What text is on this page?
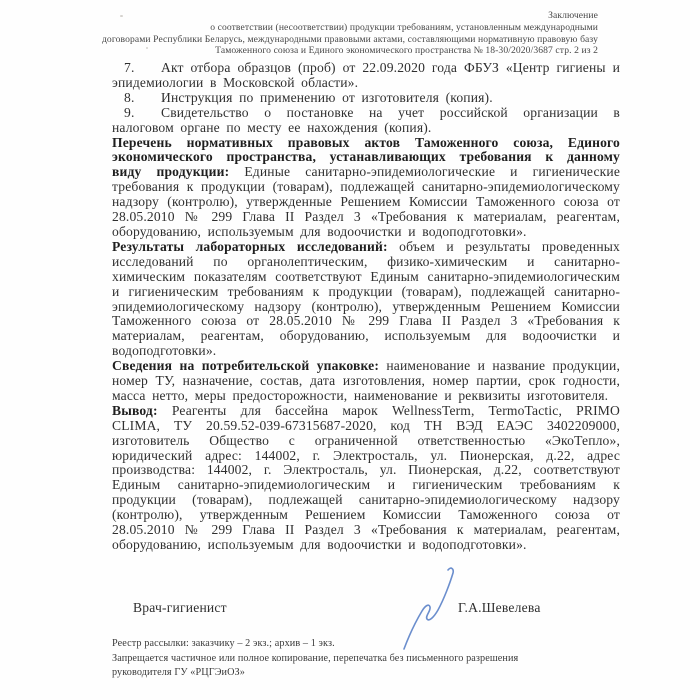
Заключение
о соответствии (несоответствии) продукции требованиям, установленным международными
договорами Республики Беларусь, международными правовыми актами, составляющими нормативную правовую базу
Таможенного союза и Единого экономического пространства № 18-30/2020/3687 стр. 2 из 2

7. Акт отбора образцов (проб) от 22.09.2020 года ФБУЗ «Центр гигиены и эпидемиологии в Московской области».

8. Инструкция по применению от изготовителя (копия).

9. Свидетельство о постановке на учет российской организации в налоговом органе по месту ее нахождения (копия).

Перечень нормативных правовых актов Таможенного союза, Единого экономического пространства, устанавливающих требования к данному виду продукции: Единые санитарно-эпидемиологические и гигиенические требования к продукции (товарам), подлежащей санитарно-эпидемиологическому надзору (контролю), утвержденные Решением Комиссии Таможенного союза от 28.05.2010 № 299 Глава II Раздел 3 «Требования к материалам, реагентам, оборудованию, используемым для водоочистки и водоподготовки».

Результаты лабораторных исследований: объем и результаты проведенных исследований по органолептическим, физико-химическим и санитарно-химическим показателям соответствуют Единым санитарно-эпидемиологическим и гигиеническим требованиям к продукции (товарам), подлежащей санитарно-эпидемиологическому надзору (контролю), утвержденным Решением Комиссии Таможенного союза от 28.05.2010 № 299 Глава II Раздел 3 «Требования к материалам, реагентам, оборудованию, используемым для водоочистки и водоподготовки».

Сведения на потребительской упаковке: наименование и название продукции, номер ТУ, назначение, состав, дата изготовления, номер партии, срок годности, масса нетто, меры предосторожности, наименование и реквизиты изготовителя.

Вывод: Реагенты для бассейна марок WellnessTerm, TermoTactic, PRIMO CLIMA, ТУ 20.59.52-039-67315687-2020, код ТН ВЭД ЕАЭС 3402209000, изготовитель Общество с ограниченной ответственностью «ЭкоТепло», юридический адрес: 144002, г. Электросталь, ул. Пионерская, д.22, адрес производства: 144002, г. Электросталь, ул. Пионерская, д.22, соответствуют Единым санитарно-эпидемиологическим и гигиеническим требованиям к продукции (товарам), подлежащей санитарно-эпидемиологическому надзору (контролю), утвержденным Решением Комиссии Таможенного союза от 28.05.2010 № 299 Глава II Раздел 3 «Требования к материалам, реагентам, оборудованию, используемым для водоочистки и водоподготовки».

Врач-гигиенист	Г.А.Шевелева
Реестр рассылки: заказчику – 2 экз.; архив – 1 экз.
Запрещается частичное или полное копирование, перепечатка без письменного разрешения
руководителя ГУ «РЦГЭиОЗ»
